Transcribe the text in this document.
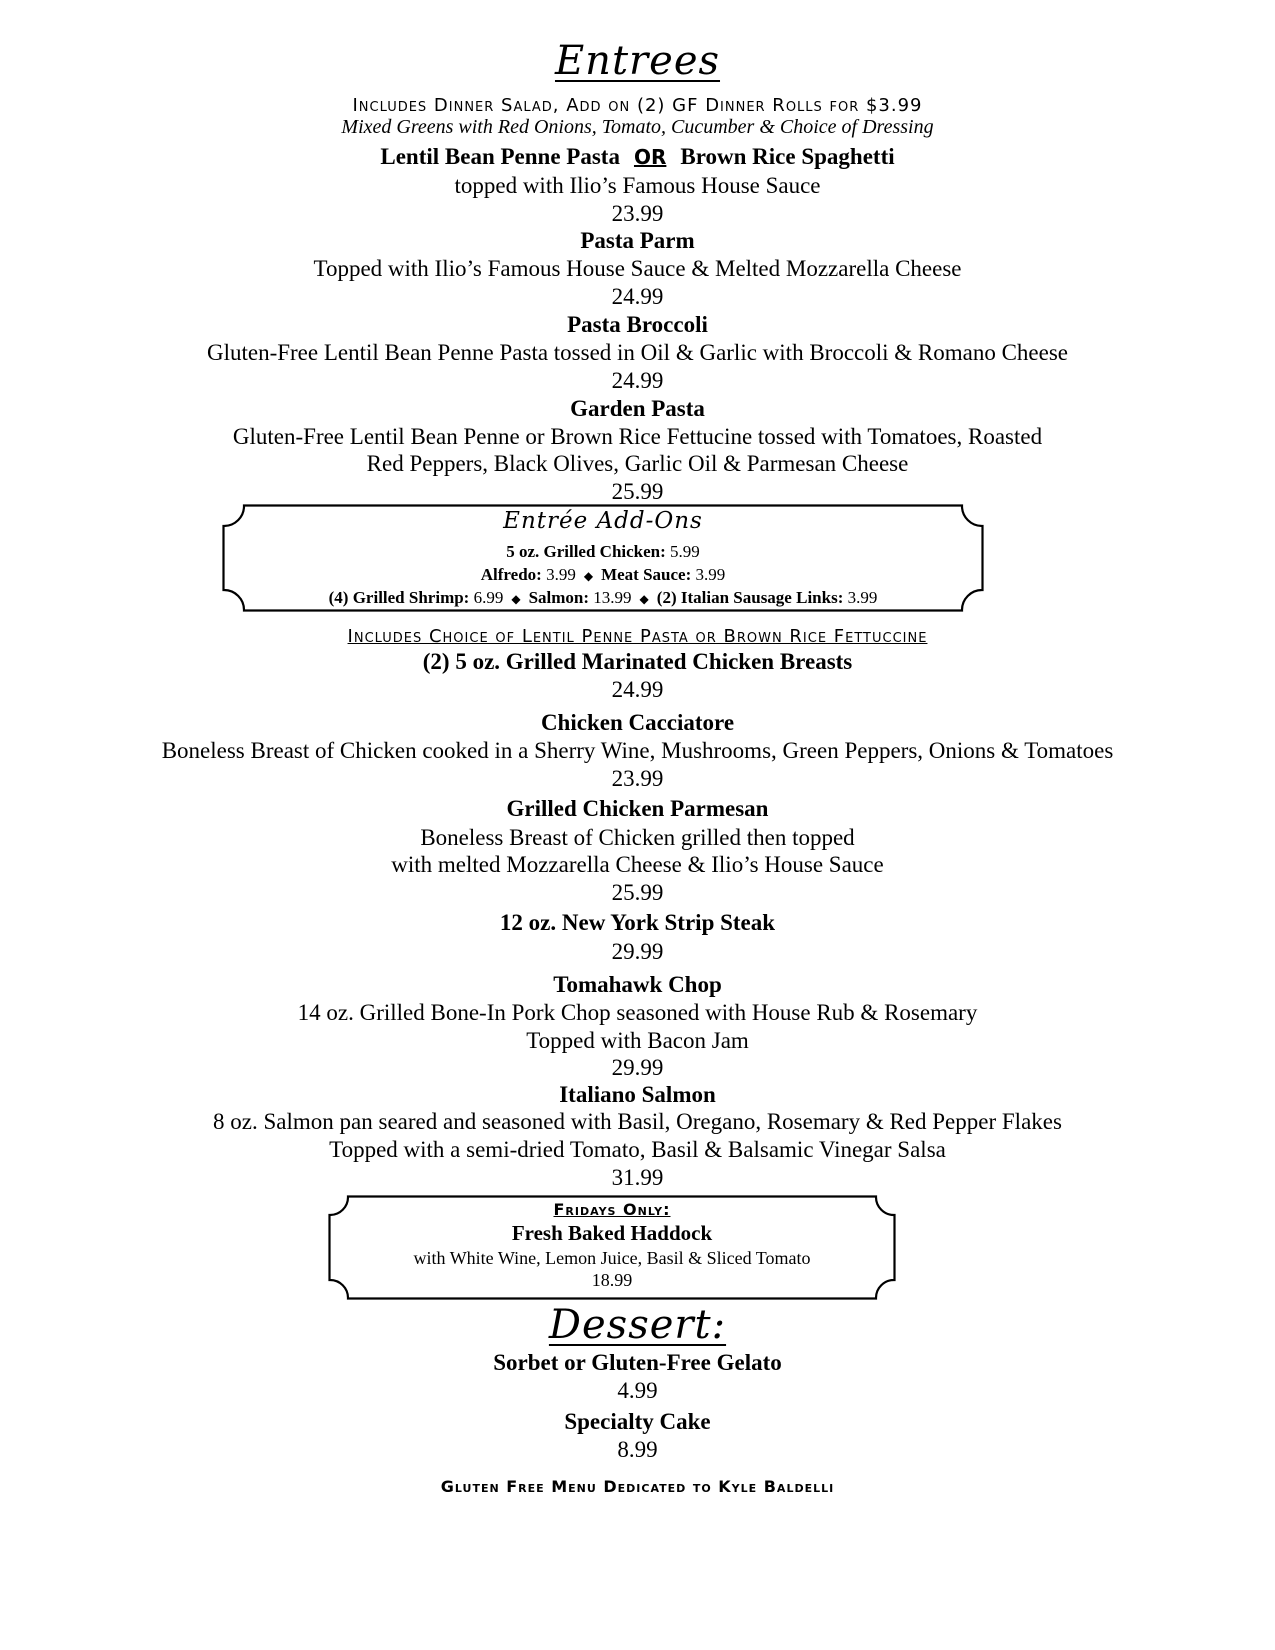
Entrees
Includes Dinner Salad, Add on (2) GF Dinner Rolls for $3.99
Mixed Greens with Red Onions, Tomato, Cucumber & Choice of Dressing
Lentil Bean Penne Pasta OR Brown Rice Spaghetti
topped with Ilio’s Famous House Sauce
23.99
Pasta Parm
Topped with Ilio’s Famous House Sauce & Melted Mozzarella Cheese
24.99
Pasta Broccoli
Gluten-Free Lentil Bean Penne Pasta tossed in Oil & Garlic with Broccoli & Romano Cheese
24.99
Garden Pasta
Gluten-Free Lentil Bean Penne or Brown Rice Fettucine tossed with Tomatoes, Roasted
Red Peppers, Black Olives, Garlic Oil & Parmesan Cheese
25.99
Entrée Add-Ons
5 oz. Grilled Chicken: 5.99
Alfredo: 3.99 ◆ Meat Sauce: 3.99
(4) Grilled Shrimp: 6.99 ◆ Salmon: 13.99 ◆ (2) Italian Sausage Links: 3.99
Includes Choice of Lentil Penne Pasta or Brown Rice Fettuccine
(2) 5 oz. Grilled Marinated Chicken Breasts
24.99
Chicken Cacciatore
Boneless Breast of Chicken cooked in a Sherry Wine, Mushrooms, Green Peppers, Onions & Tomatoes
23.99
Grilled Chicken Parmesan
Boneless Breast of Chicken grilled then topped
with melted Mozzarella Cheese & Ilio’s House Sauce
25.99
12 oz. New York Strip Steak
29.99
Tomahawk Chop
14 oz. Grilled Bone-In Pork Chop seasoned with House Rub & Rosemary
Topped with Bacon Jam
29.99
Italiano Salmon
8 oz. Salmon pan seared and seasoned with Basil, Oregano, Rosemary & Red Pepper Flakes
Topped with a semi-dried Tomato, Basil & Balsamic Vinegar Salsa
31.99
Fridays Only:
Fresh Baked Haddock
with White Wine, Lemon Juice, Basil & Sliced Tomato
18.99
Dessert:
Sorbet or Gluten-Free Gelato
4.99
Specialty Cake
8.99
Gluten Free Menu Dedicated to Kyle Baldelli
